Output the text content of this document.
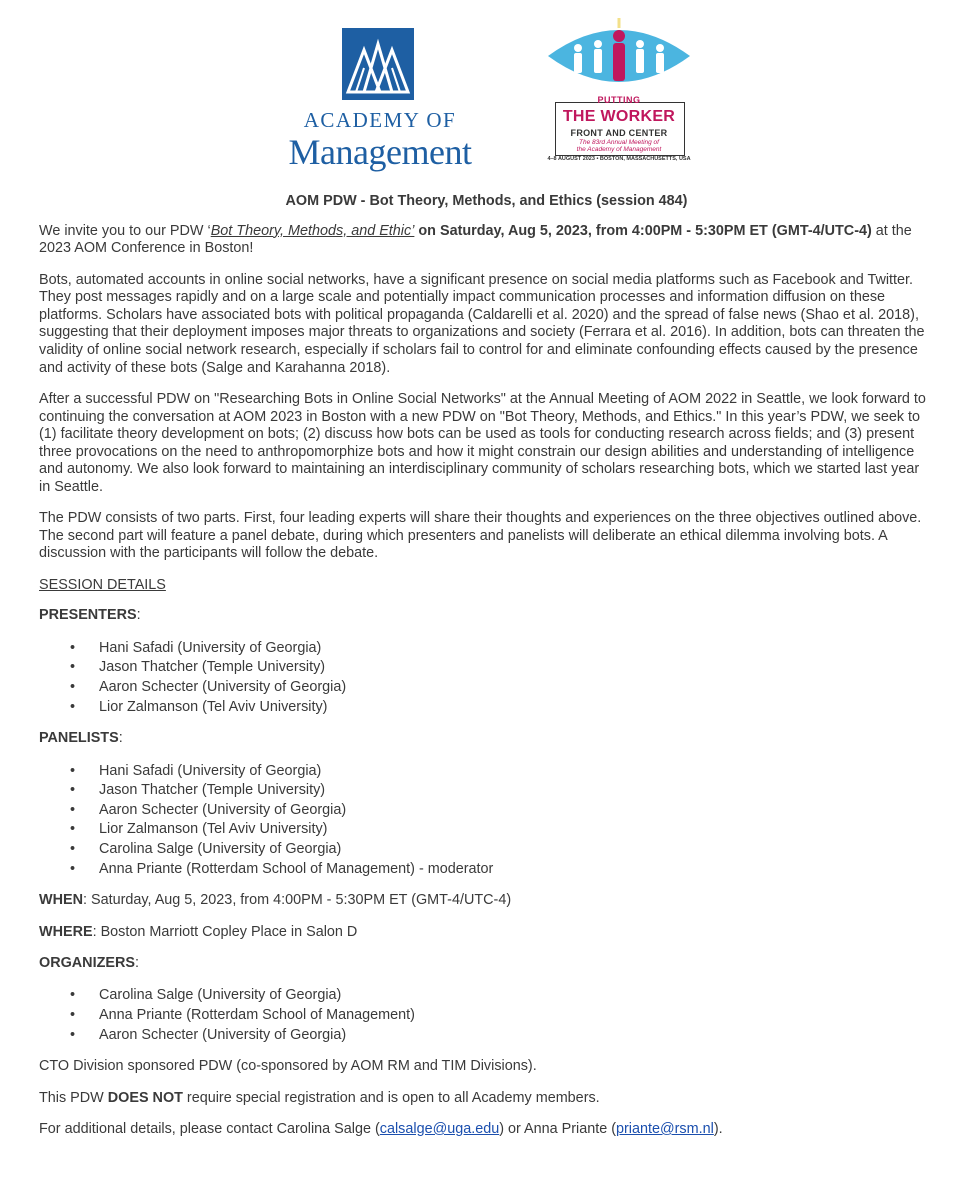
ACADEMY OF
Management
PUTTING
THE WORKER
FRONT AND CENTER
The 83rd Annual Meeting of
the Academy of Management
4–8 AUGUST 2023 • BOSTON, MASSACHUSETTS, USA
AOM PDW - Bot Theory, Methods, and Ethics (session 484)

We invite you to our PDW ‘Bot Theory, Methods, and Ethic’ on Saturday, Aug 5, 2023, from 4:00PM - 5:30PM ET (GMT-4/UTC-4) at the 2023 AOM Conference in Boston!

Bots, automated accounts in online social networks, have a significant presence on social media platforms such as Facebook and Twitter. They post messages rapidly and on a large scale and potentially impact communication processes and information diffusion on these platforms. Scholars have associated bots with political propaganda (Caldarelli et al. 2020) and the spread of false news (Shao et al. 2018), suggesting that their deployment imposes major threats to organizations and society (Ferrara et al. 2016). In addition, bots can threaten the validity of online social network research, especially if scholars fail to control for and eliminate confounding effects caused by the presence and activity of these bots (Salge and Karahanna 2018).

After a successful PDW on "Researching Bots in Online Social Networks" at the Annual Meeting of AOM 2022 in Seattle, we look forward to continuing the conversation at AOM 2023 in Boston with a new PDW on "Bot Theory, Methods, and Ethics." In this year’s PDW, we seek to (1) facilitate theory development on bots; (2) discuss how bots can be used as tools for conducting research across fields; and (3) present three provocations on the need to anthropomorphize bots and how it might constrain our design abilities and understanding of intelligence and autonomy. We also look forward to maintaining an interdisciplinary community of scholars researching bots, which we started last year in Seattle.

The PDW consists of two parts. First, four leading experts will share their thoughts and experiences on the three objectives outlined above. The second part will feature a panel debate, during which presenters and panelists will deliberate an ethical dilemma involving bots. A discussion with the participants will follow the debate.

SESSION DETAILS

PRESENTERS:

• Hani Safadi (University of Georgia)
• Jason Thatcher (Temple University)
• Aaron Schecter (University of Georgia)
• Lior Zalmanson (Tel Aviv University)

PANELISTS:

• Hani Safadi (University of Georgia)
• Jason Thatcher (Temple University)
• Aaron Schecter (University of Georgia)
• Lior Zalmanson (Tel Aviv University)
• Carolina Salge (University of Georgia)
• Anna Priante (Rotterdam School of Management) - moderator

WHEN: Saturday, Aug 5, 2023, from 4:00PM - 5:30PM ET (GMT-4/UTC-4)

WHERE: Boston Marriott Copley Place in Salon D

ORGANIZERS:

• Carolina Salge (University of Georgia)
• Anna Priante (Rotterdam School of Management)
• Aaron Schecter (University of Georgia)

CTO Division sponsored PDW (co-sponsored by AOM RM and TIM Divisions).

This PDW DOES NOT require special registration and is open to all Academy members.

For additional details, please contact Carolina Salge (calsalge@uga.edu) or Anna Priante (priante@rsm.nl).
